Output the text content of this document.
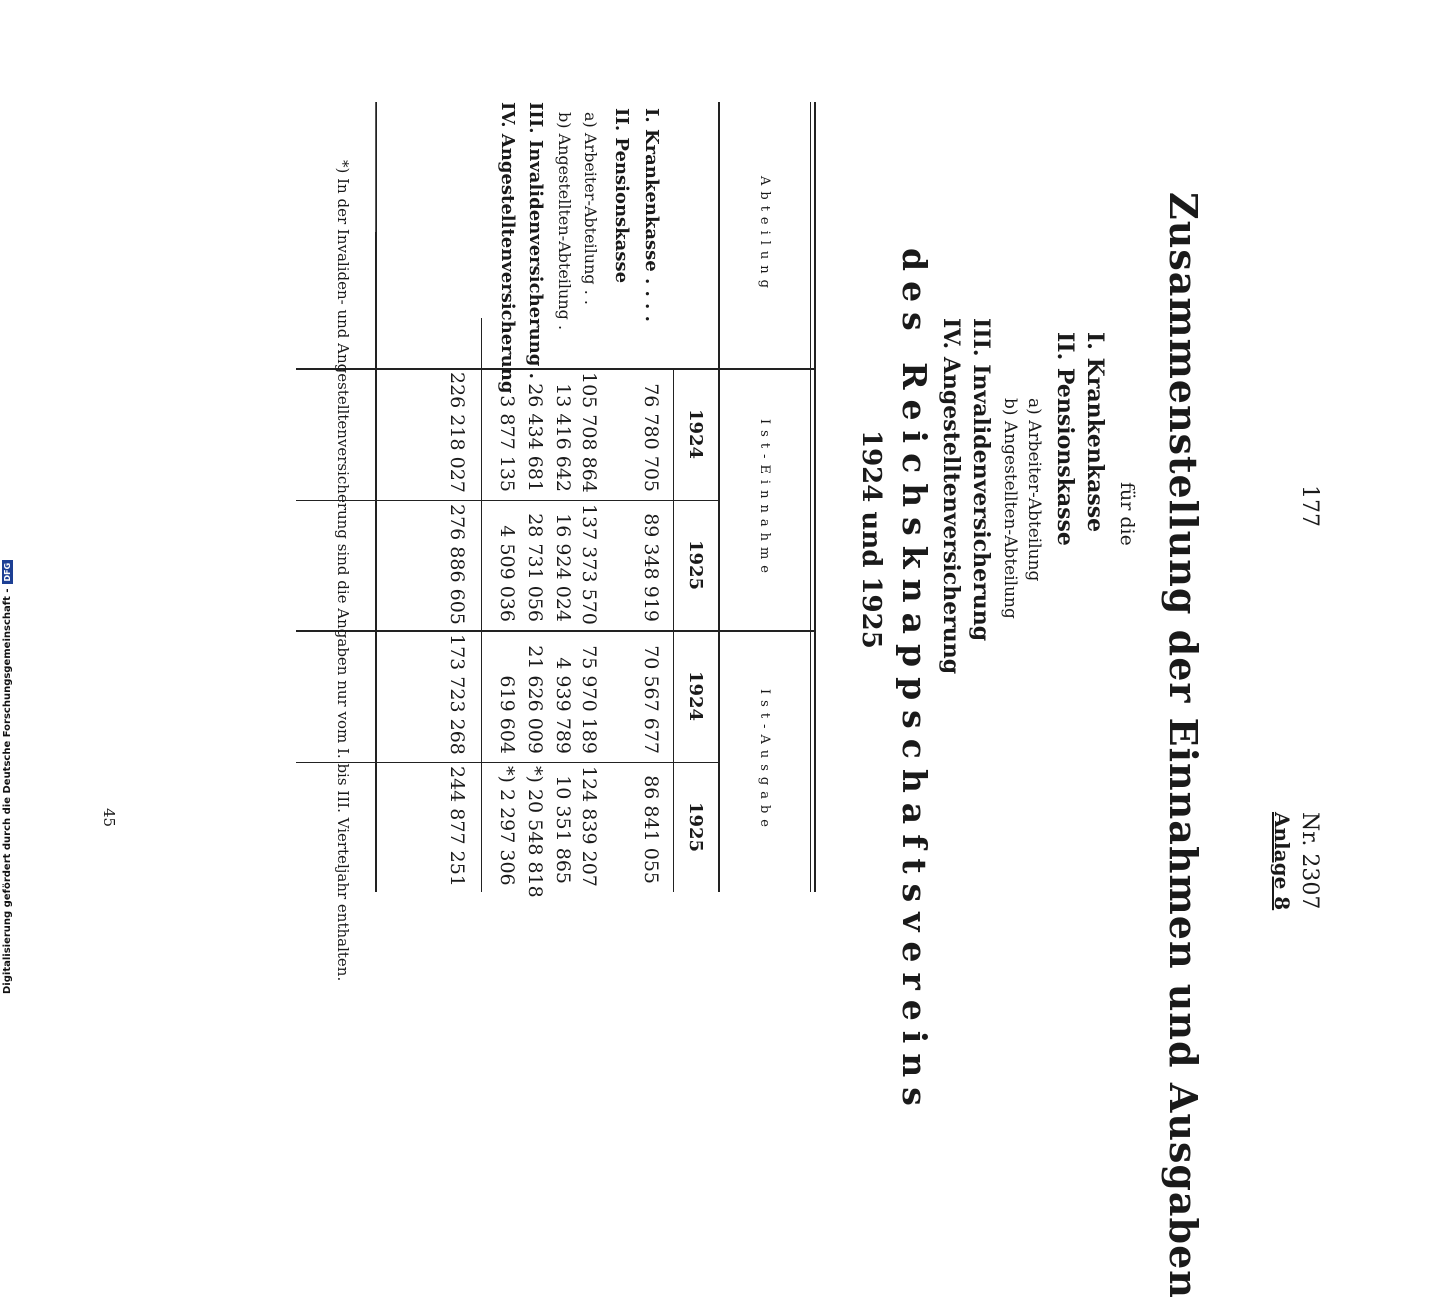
177
Nr. 2307
Anlage 8
Zusammenstellung der Einnahmen und Ausgaben
für die
I. Krankenkasse
II. Pensionskasse
a) Arbeiter-Abteilung
b) Angestellten-Abteilung
III. Invalidenversicherung
IV. Angestelltenversicherung
des Reichsknappschaftsvereins
1924 und 1925
Abteilung
Ist-Einnahme
Ist-Ausgabe
1924
1925
1924
1925
I. Krankenkasse . . . .
II. Pensionskasse
a) Arbeiter-Abteilung . .
b) Angestellten-Abteilung .
III. Invalidenversicherung .
IV. Angestelltenversicherung
76 780 705
89 348 919
70 567 677
86 841 055
105 708 864
137 373 570
75 970 189
124 839 207
13 416 642
16 924 024
4 939 789
10 351 865
26 434 681
28 731 056
21 626 009
*) 20 548 818
3 877 135
4 509 036
619 604
*) 2 297 306
226 218 027
276 886 605
173 723 268
244 877 251
*) In der Invaliden- und Angestelltenversicherung sind die Angaben nur vom I. bis III. Vierteljahr enthalten.
45
Digitalisierung gefördert durch die Deutsche Forschungsgemeinschaft -DFG
